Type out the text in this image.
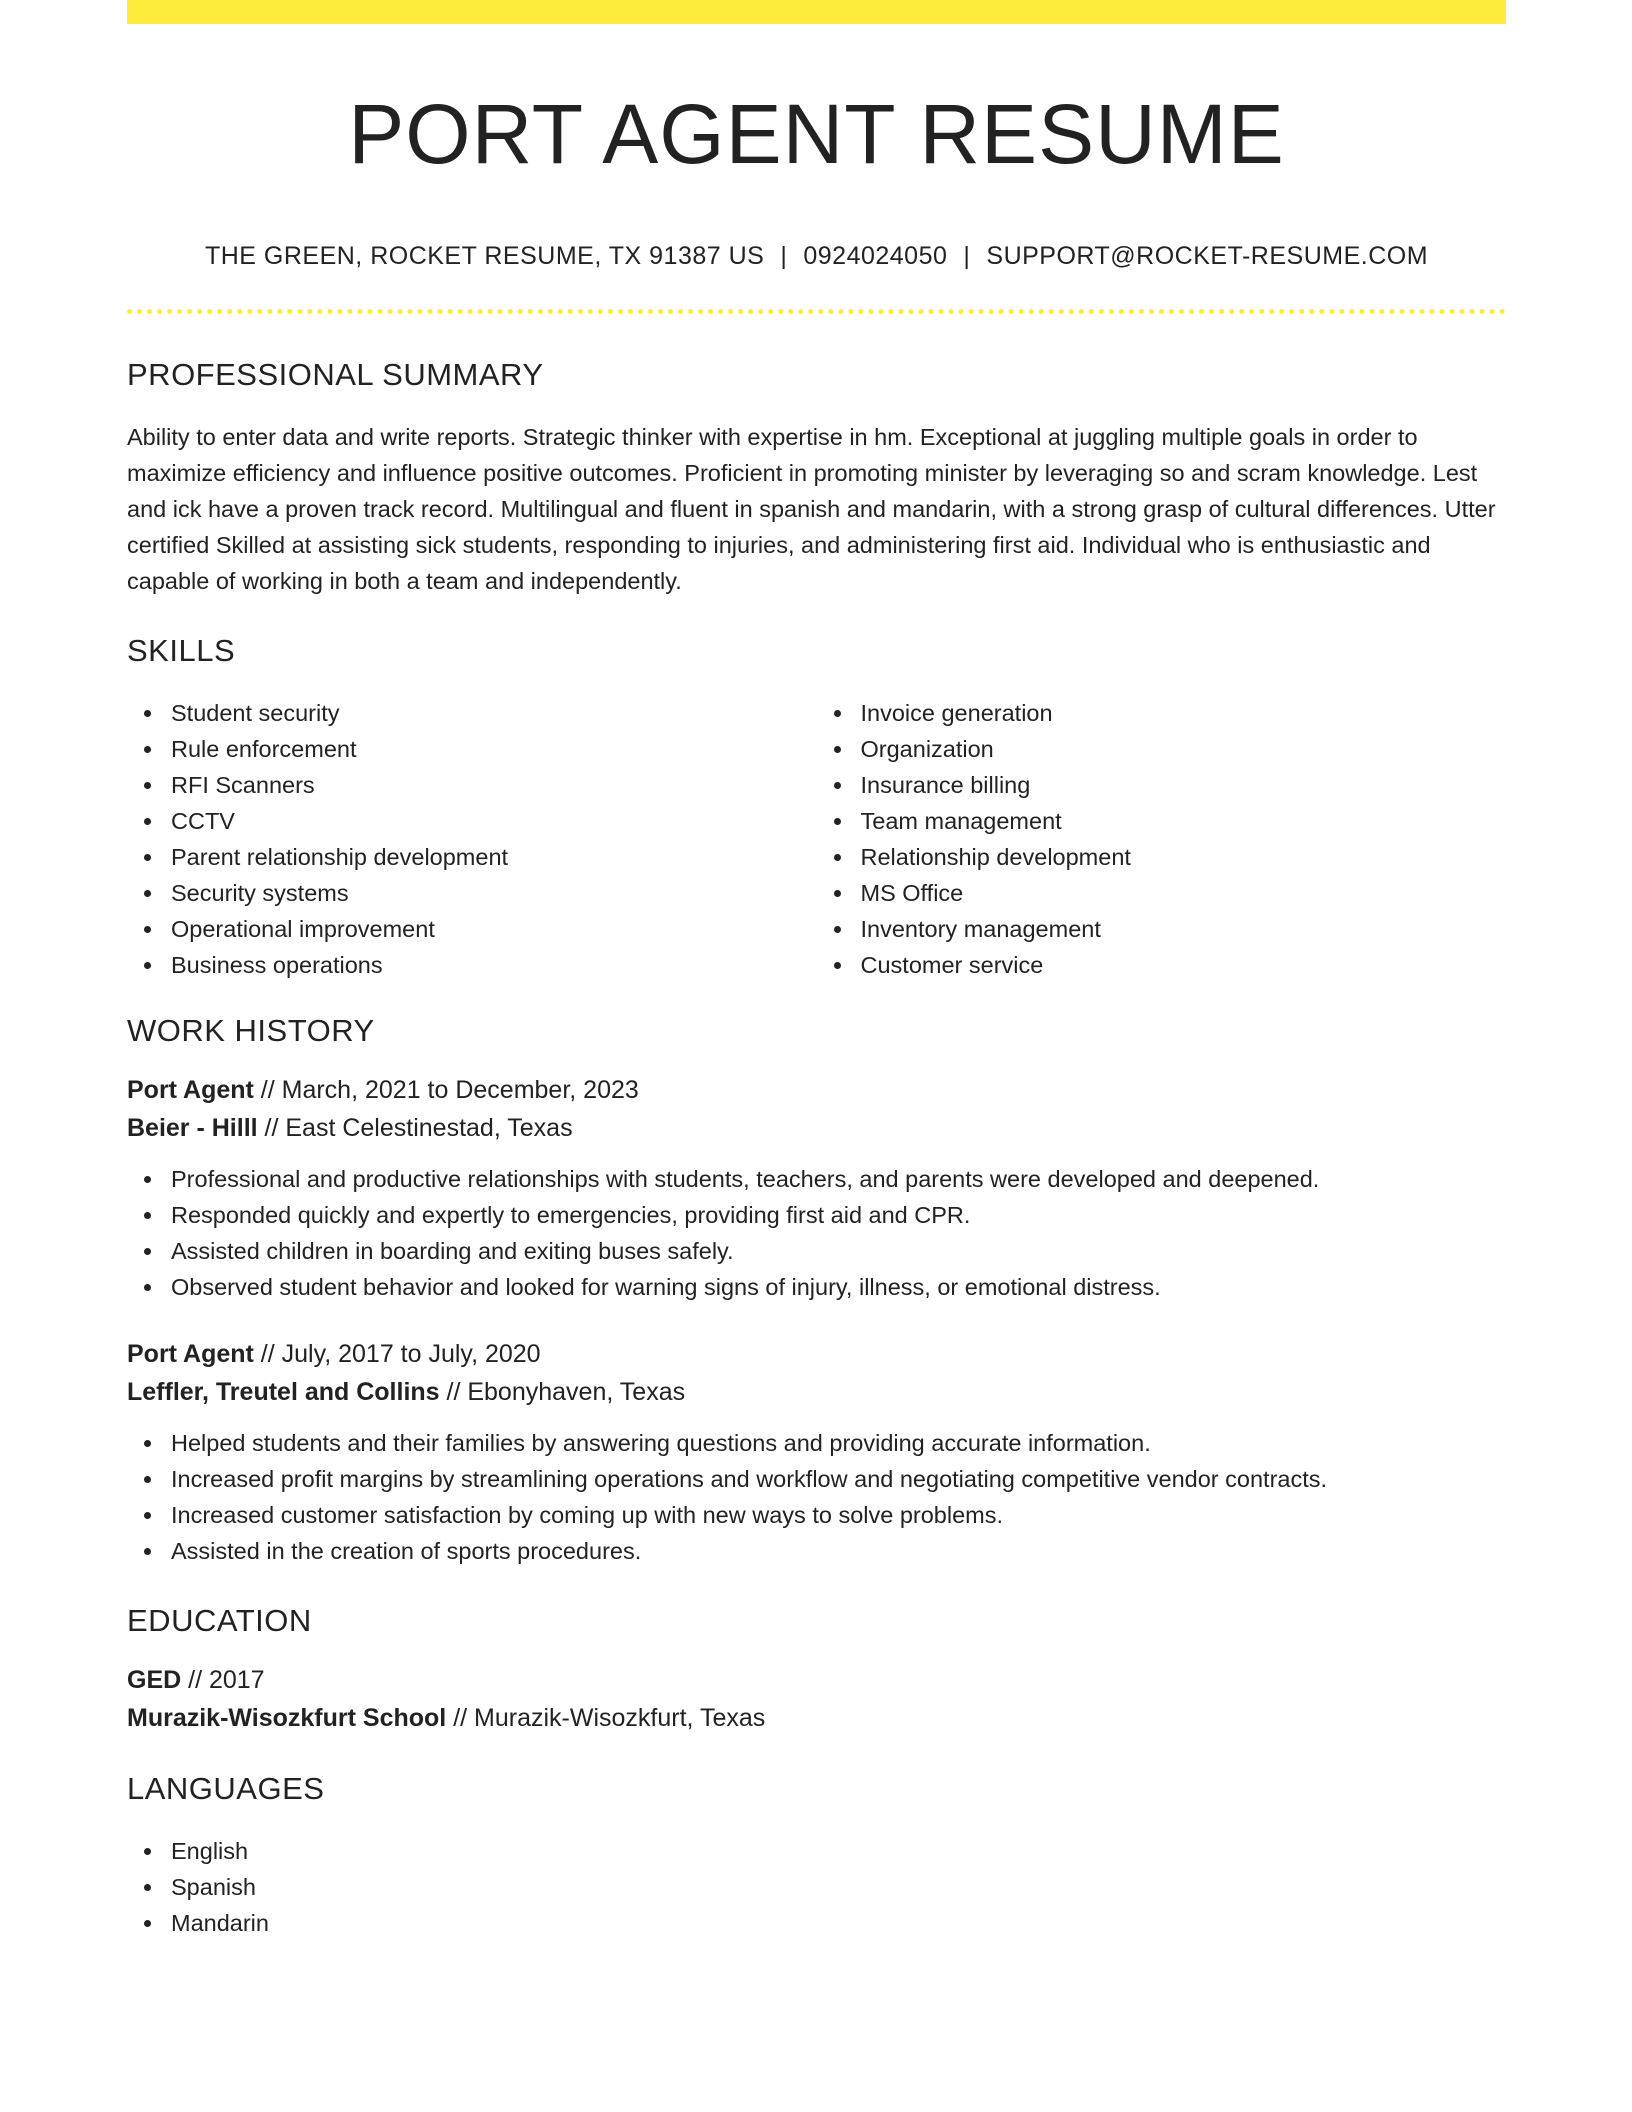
PORT AGENT RESUME
THE GREEN, ROCKET RESUME, TX 91387 US | 0924024050 | SUPPORT@ROCKET-RESUME.COM
PROFESSIONAL SUMMARY
Ability to enter data and write reports. Strategic thinker with expertise in hm. Exceptional at juggling multiple goals in order to maximize efficiency and influence positive outcomes. Proficient in promoting minister by leveraging so and scram knowledge. Lest and ick have a proven track record. Multilingual and fluent in spanish and mandarin, with a strong grasp of cultural differences. Utter certified Skilled at assisting sick students, responding to injuries, and administering first aid. Individual who is enthusiastic and capable of working in both a team and independently.
SKILLS
Student security
Rule enforcement
RFI Scanners
CCTV
Parent relationship development
Security systems
Operational improvement
Business operations
Invoice generation
Organization
Insurance billing
Team management
Relationship development
MS Office
Inventory management
Customer service
WORK HISTORY
Port Agent // March, 2021 to December, 2023
Beier - Hilll // East Celestinestad, Texas
Professional and productive relationships with students, teachers, and parents were developed and deepened.
Responded quickly and expertly to emergencies, providing first aid and CPR.
Assisted children in boarding and exiting buses safely.
Observed student behavior and looked for warning signs of injury, illness, or emotional distress.
Port Agent // July, 2017 to July, 2020
Leffler, Treutel and Collins // Ebonyhaven, Texas
Helped students and their families by answering questions and providing accurate information.
Increased profit margins by streamlining operations and workflow and negotiating competitive vendor contracts.
Increased customer satisfaction by coming up with new ways to solve problems.
Assisted in the creation of sports procedures.
EDUCATION
GED // 2017
Murazik-Wisozkfurt School // Murazik-Wisozkfurt, Texas
LANGUAGES
English
Spanish
Mandarin
